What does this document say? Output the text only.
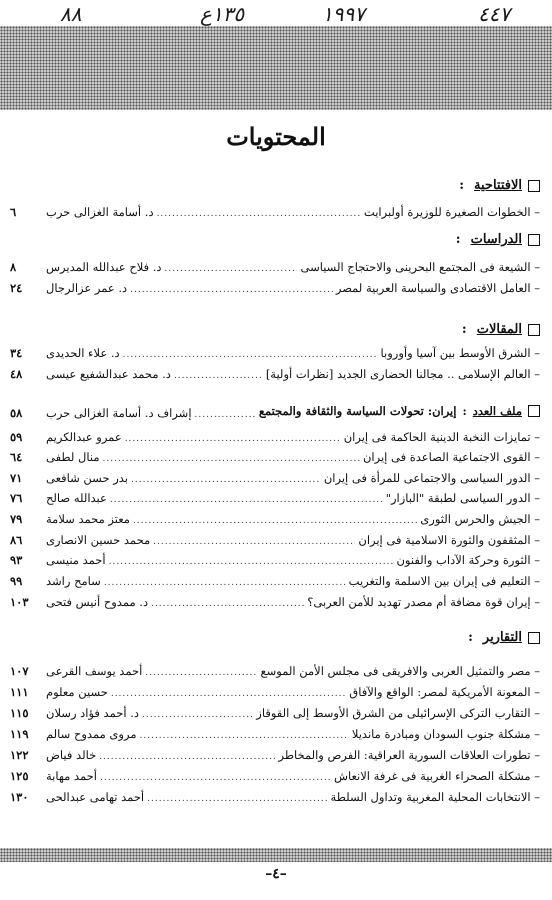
٨٨	١٣٥ع	١٩٩٧	٤٤٧
المحتويات
الافتتاحية
:
– الخطوات الصغيرة للوزيرة أولبرايت
.....
د. أسامة الغزالى حرب
٦
الدراسات
:
– الشيعة فى المجتمع البحرينى والاحتجاج السياسى
.....
د. فلاح عبدالله المديرس
٨
– العامل الاقتصادى والسياسة العربية لمصر
.....
د. عمر عزالرجال
٢٤
المقالات
:
– الشرق الأوسط بين آسيا وأوروبا
.....
د. علاء الحديدى
٣٤
– العالم الإسلامى .. مجالنا الحضارى الجديد [نظرات أولية]
.....
د. محمد عبدالشفيع عيسى
٤٨
ملف العدد
:
إيران: تحولات السياسة والثقافة والمجتمع
.....
إشراف د. أسامة الغزالى حرب
٥٨
– تمايزات النخبة الدينية الحاكمة فى إيران
.....
عمرو عبدالكريم
٥٩
– القوى الاجتماعية الصاعدة فى إيران
.....
منال لطفى
٦٤
– الدور السياسى والاجتماعى للمرأة فى إيران
.....
بدر حسن شافعى
٧١
– الدور السياسى لطبقة "البازار"
.....
عبدالله صالح
٧٦
– الجيش والحرس الثورى
.....
معتز محمد سلامة
٧٩
– المثقفون والثورة الاسلامية فى إيران
.....
محمد حسين الانصارى
٨٦
– الثورة وحركة الآداب والفنون
.....
أحمد منيسى
٩٣
– التعليم فى إيران بين الاسلمة والتغريب
.....
سامح راشد
٩٩
– إيران قوة مضافة أم مصدر تهديد للأمن العربى؟
.....
د. ممدوح أنيس فتحى
١٠٣
التقارير
:
– مصر والتمثيل العربى والافريقى فى مجلس الأمن الموسع
.....
أحمد يوسف القرعى
١٠٧
– المعونة الأمريكية لمصر: الواقع والآفاق
.....
حسين معلوم
١١١
– التقارب التركى الإسرائيلى من الشرق الأوسط إلى القوقاز
.....
د. أحمد فؤاد رسلان
١١٥
– مشكلة جنوب السودان ومبادرة مانديلا
.....
مروى ممدوح سالم
١١٩
– تطورات العلاقات السورية العراقية: الفرص والمخاطر
.....
خالد فياض
١٢٢
– مشكلة الصحراء الغربية فى غرفة الانعاش
.....
أحمد مهابة
١٢٥
– الانتخابات المحلية المغربية وتداول السلطة
.....
أحمد تهامى عبدالحى
١٣٠
–٤–
